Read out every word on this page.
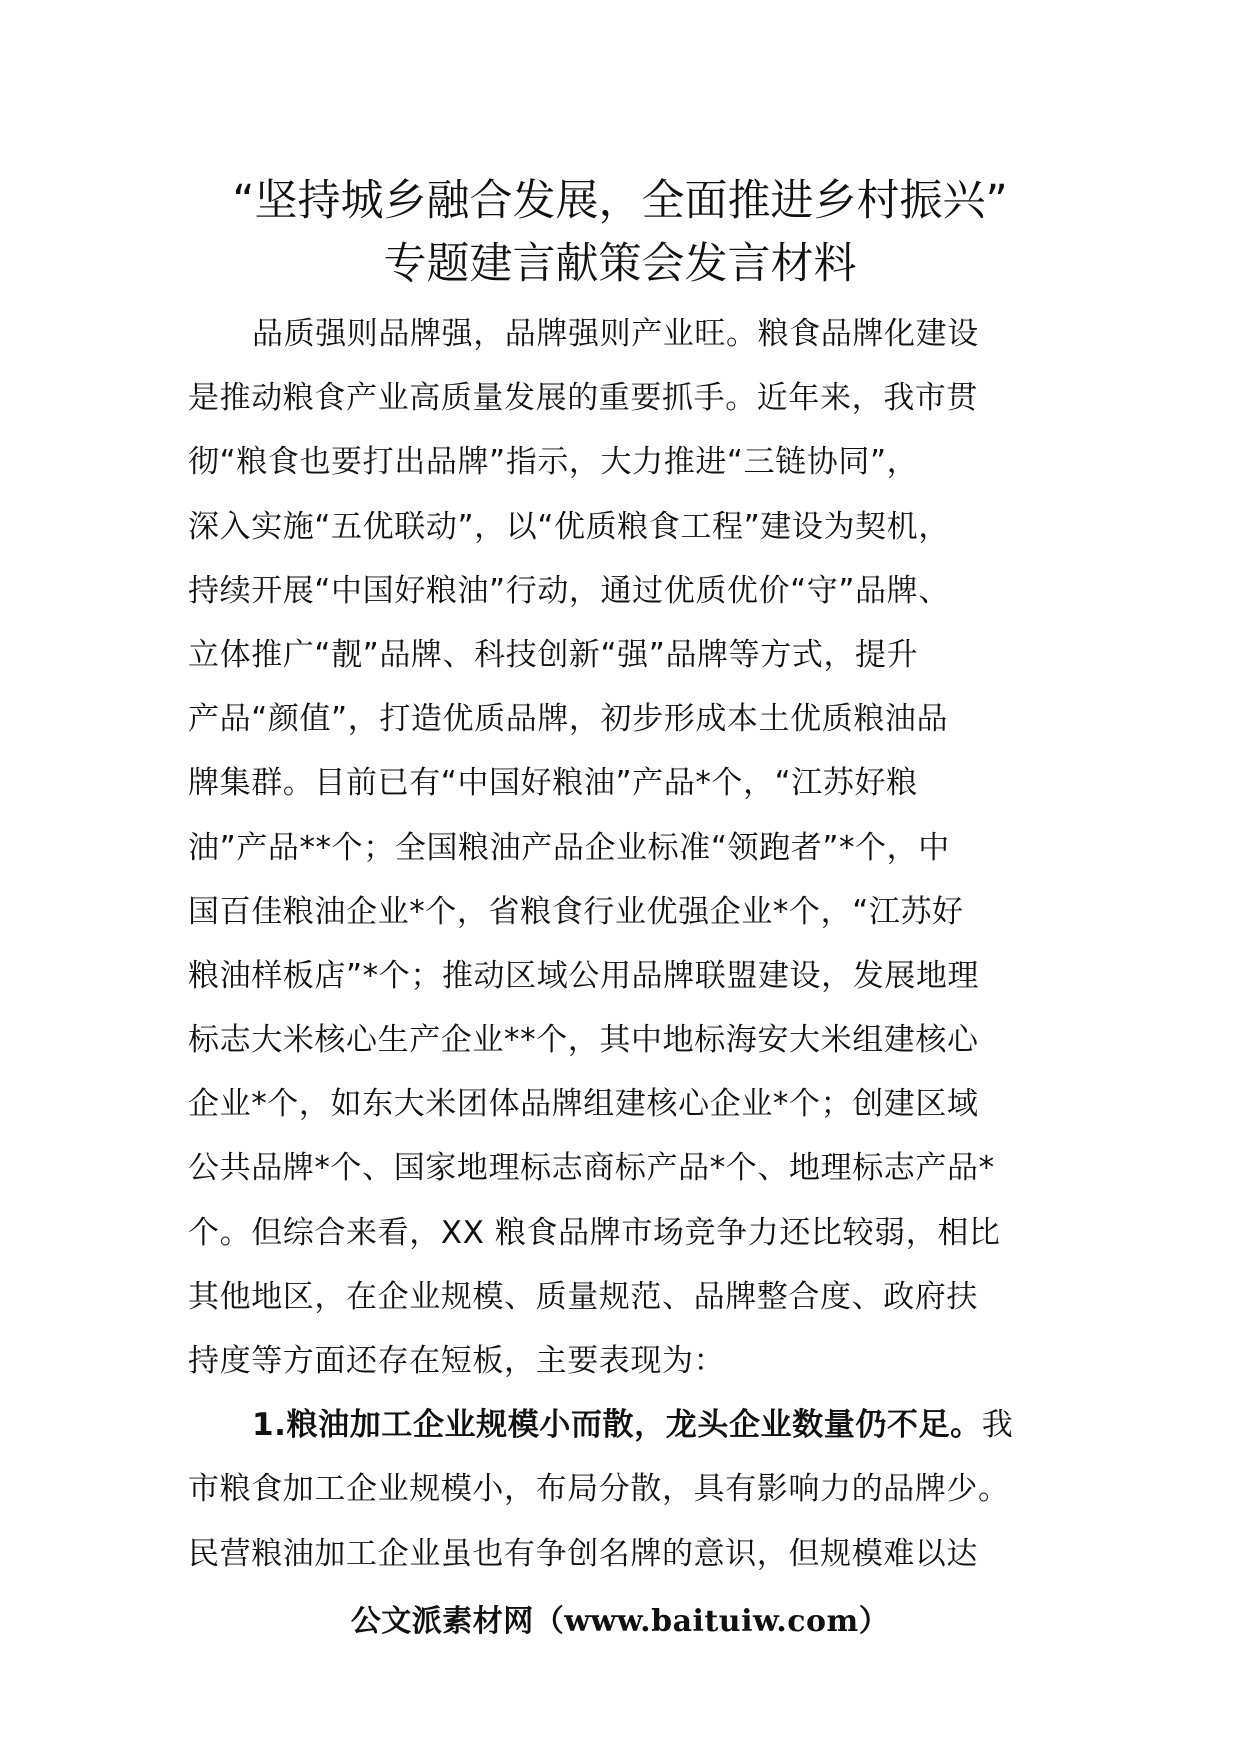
“坚持城乡融合发展，全面推进乡村振兴”
专题建言献策会发言材料
品质强则品牌强，品牌强则产业旺。粮食品牌化建设
是推动粮食产业高质量发展的重要抓手。近年来，我市贯
彻“粮食也要打出品牌”指示，大力推进“三链协同”，
深入实施“五优联动”，以“优质粮食工程”建设为契机，
持续开展“中国好粮油”行动，通过优质优价“守”品牌、
立体推广“靓”品牌、科技创新“强”品牌等方式，提升
产品“颜值”，打造优质品牌，初步形成本土优质粮油品
牌集群。目前已有“中国好粮油”产品*个，“江苏好粮
油”产品**个；全国粮油产品企业标准“领跑者”*个，中
国百佳粮油企业*个，省粮食行业优强企业*个，“江苏好
粮油样板店”*个；推动区域公用品牌联盟建设，发展地理
标志大米核心生产企业**个，其中地标海安大米组建核心
企业*个，如东大米团体品牌组建核心企业*个；创建区域
公共品牌*个、国家地理标志商标产品*个、地理标志产品*
个。但综合来看，XX 粮食品牌市场竞争力还比较弱，相比
其他地区，在企业规模、质量规范、品牌整合度、政府扶
持度等方面还存在短板，主要表现为：
1.粮油加工企业规模小而散，龙头企业数量仍不足。我
市粮食加工企业规模小，布局分散，具有影响力的品牌少。
民营粮油加工企业虽也有争创名牌的意识，但规模难以达
公文派素材网（www.baituiw.com）
